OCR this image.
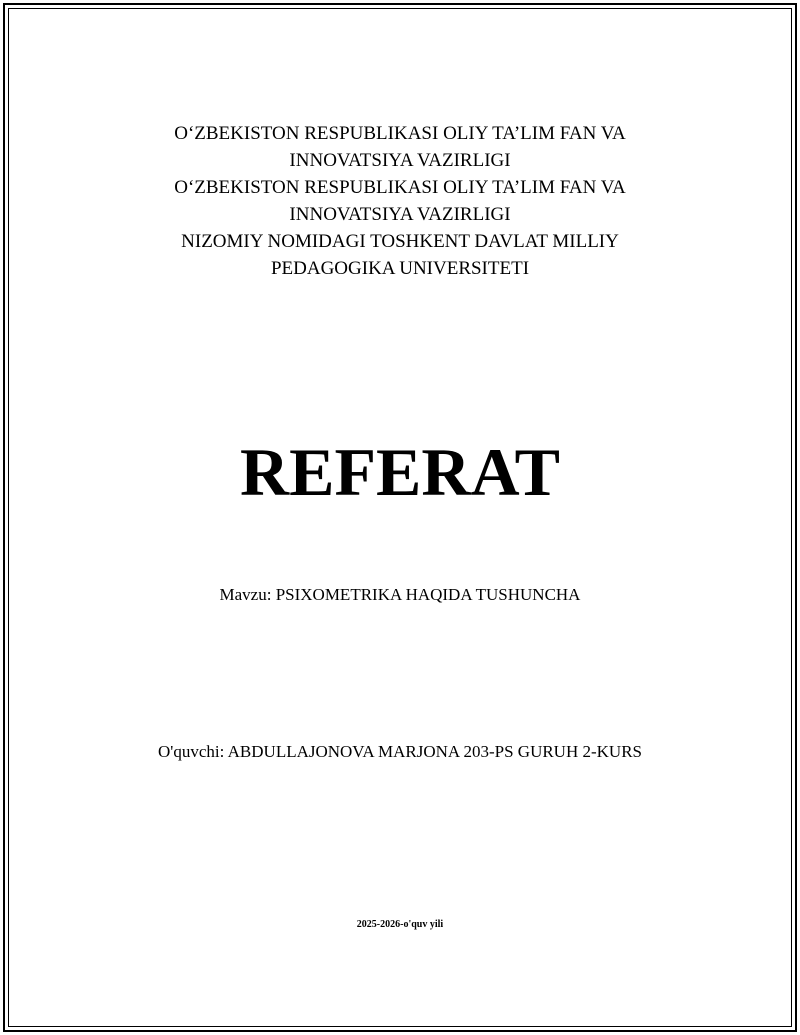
O‘ZBEKISTON RESPUBLIKASI OLIY TA’LIM FAN VA
INNOVATSIYA VAZIRLIGI
O‘ZBEKISTON RESPUBLIKASI OLIY TA’LIM FAN VA
INNOVATSIYA VAZIRLIGI
NIZOMIY NOMIDAGI TOSHKENT DAVLAT MILLIY
PEDAGOGIKA UNIVERSITETI
REFERAT
Mavzu: PSIXOMETRIKA HAQIDA TUSHUNCHA
O'quvchi: ABDULLAJONOVA MARJONA 203-PS GURUH 2-KURS
2025-2026-o'quv yili
